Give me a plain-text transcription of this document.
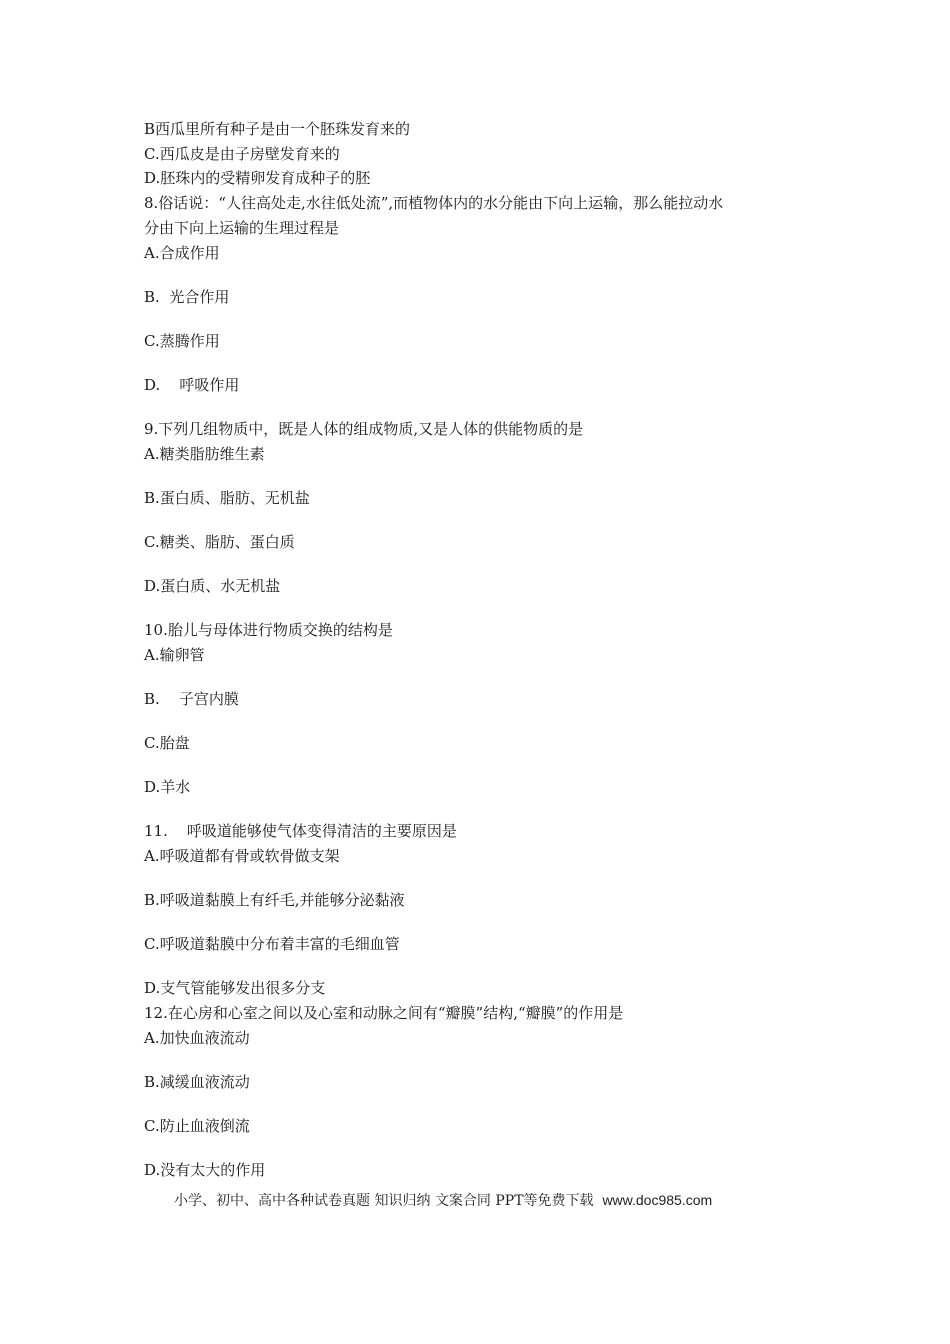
B西瓜里所有种子是由一个胚珠发育来的
C.西瓜皮是由子房壁发育来的
D.胚珠内的受精卵发育成种子的胚
8.俗话说：“人往高处走,水往低处流”,而植物体内的水分能由下向上运输，那么能拉动水
分由下向上运输的生理过程是
A.合成作用
B.  光合作用
C.蒸腾作用
D.    呼吸作用
9.下列几组物质中，既是人体的组成物质,又是人体的供能物质的是
A.糖类脂肪维生素
B.蛋白质、脂肪、无机盐
C.糖类、脂肪、蛋白质
D.蛋白质、水无机盐
10.胎儿与母体进行物质交换的结构是
A.输卵管
B.    子宫内膜
C.胎盘
D.羊水
11.    呼吸道能够使气体变得清洁的主要原因是
A.呼吸道都有骨或软骨做支架
B.呼吸道黏膜上有纤毛,并能够分泌黏液
C.呼吸道黏膜中分布着丰富的毛细血管
D.支气管能够发出很多分支
12.在心房和心室之间以及心室和动脉之间有“瓣膜”结构,“瓣膜”的作用是
A.加快血液流动
B.减缓血液流动
C.防止血液倒流
D.没有太大的作用
小学、初中、高中各种试卷真题 知识归纳 文案合同 PPT等免费下载  www.doc985.com
